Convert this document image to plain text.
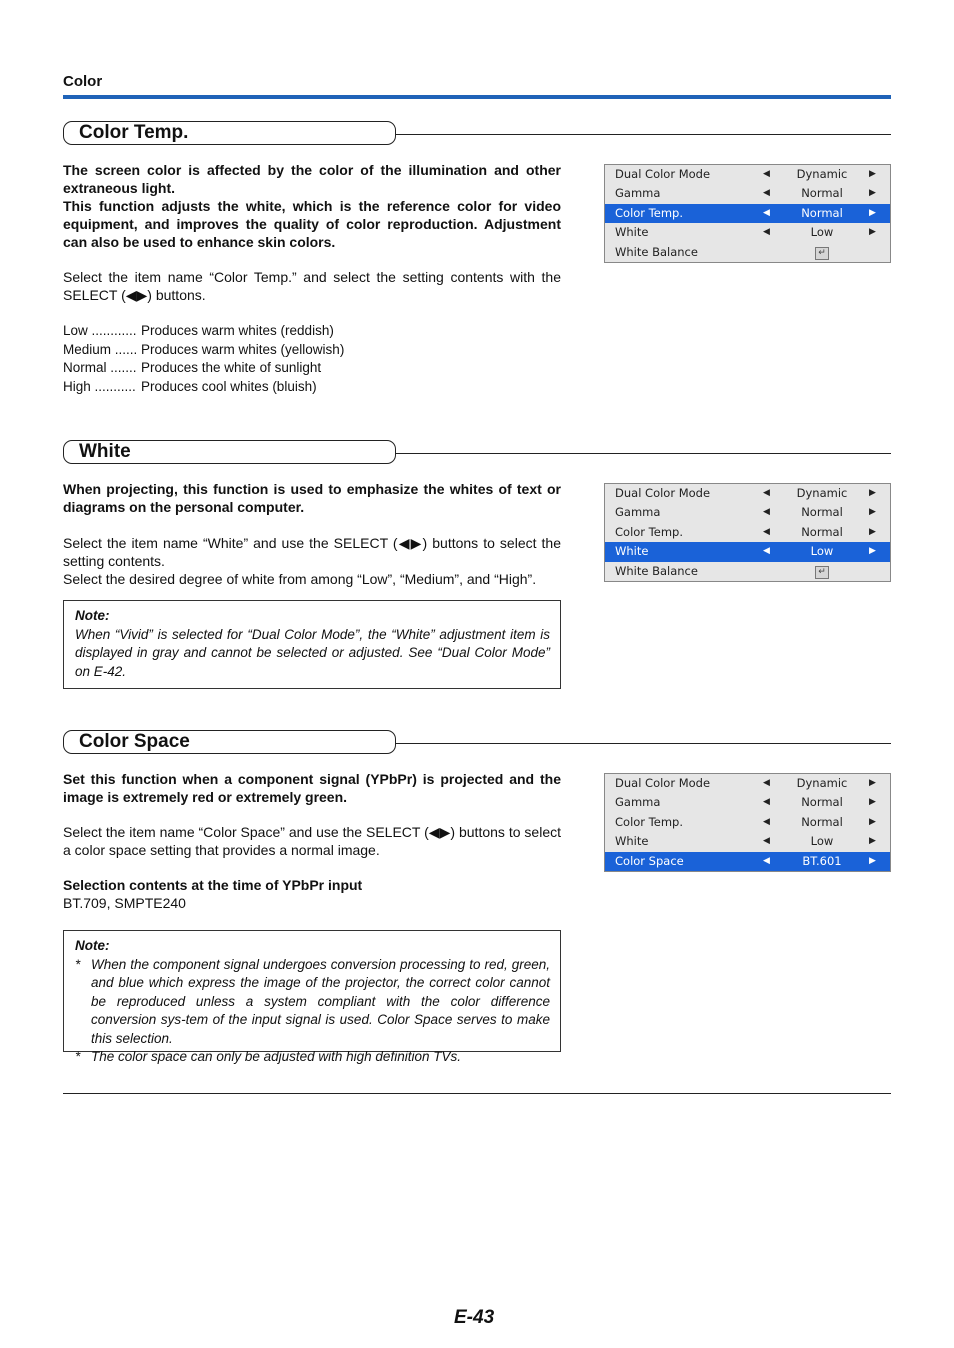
Color
Color Temp.

The screen color is affected by the color of the illumination and other extraneous light.

This function adjusts the white, which is the reference color for video equipment, and improves the quality of color reproduction. Adjustment can also be used to enhance skin colors.

Select the item name “Color Temp.” and select the setting contents with the SELECT (◀▶) buttons.
Low ............ Produces warm whites (reddish)
Medium ...... Produces warm whites (yellowish)
Normal ....... Produces the white of sunlight
High ........... Produces cool whites (bluish)
Dual Color Mode	◀	Dynamic	▶
Gamma	◀	Normal	▶
Color Temp.	◀	Normal	▶
White	◀	Low	▶
White Balance	↵
White
When projecting, this function is used to emphasize the whites of text or diagrams on the personal computer.
Select the item name “White” and use the SELECT (◀▶) buttons to select the setting contents.
Select the desired degree of white from among “Low”, “Medium”, and “High”.
Note:
When “Vivid” is selected for “Dual Color Mode”, the “White” adjustment item is displayed in gray and cannot be selected or adjusted. See “Dual Color Mode” on E-42.
Dual Color Mode	◀	Dynamic	▶
Gamma	◀	Normal	▶
Color Temp.	◀	Normal	▶
White	◀	Low	▶
White Balance	↵
Color Space
Set this function when a component signal (YPbPr) is projected and the image is extremely red or extremely green.
Select the item name “Color Space” and use the SELECT (◀▶) buttons to select a color space setting that provides a normal image.
Selection contents at the time of YPbPr input
BT.709, SMPTE240
Note:
* When the component signal undergoes conversion processing to red, green, and blue which express the image of the projector, the correct color cannot be reproduced unless a system compliant with the color difference conversion sys-tem of the input signal is used. Color Space serves to make this selection.
* The color space can only be adjusted with high definition TVs.
Dual Color Mode	◀	Dynamic	▶
Gamma	◀	Normal	▶
Color Temp.	◀	Normal	▶
White	◀	Low	▶
Color Space	◀	BT.601	▶
E-43
